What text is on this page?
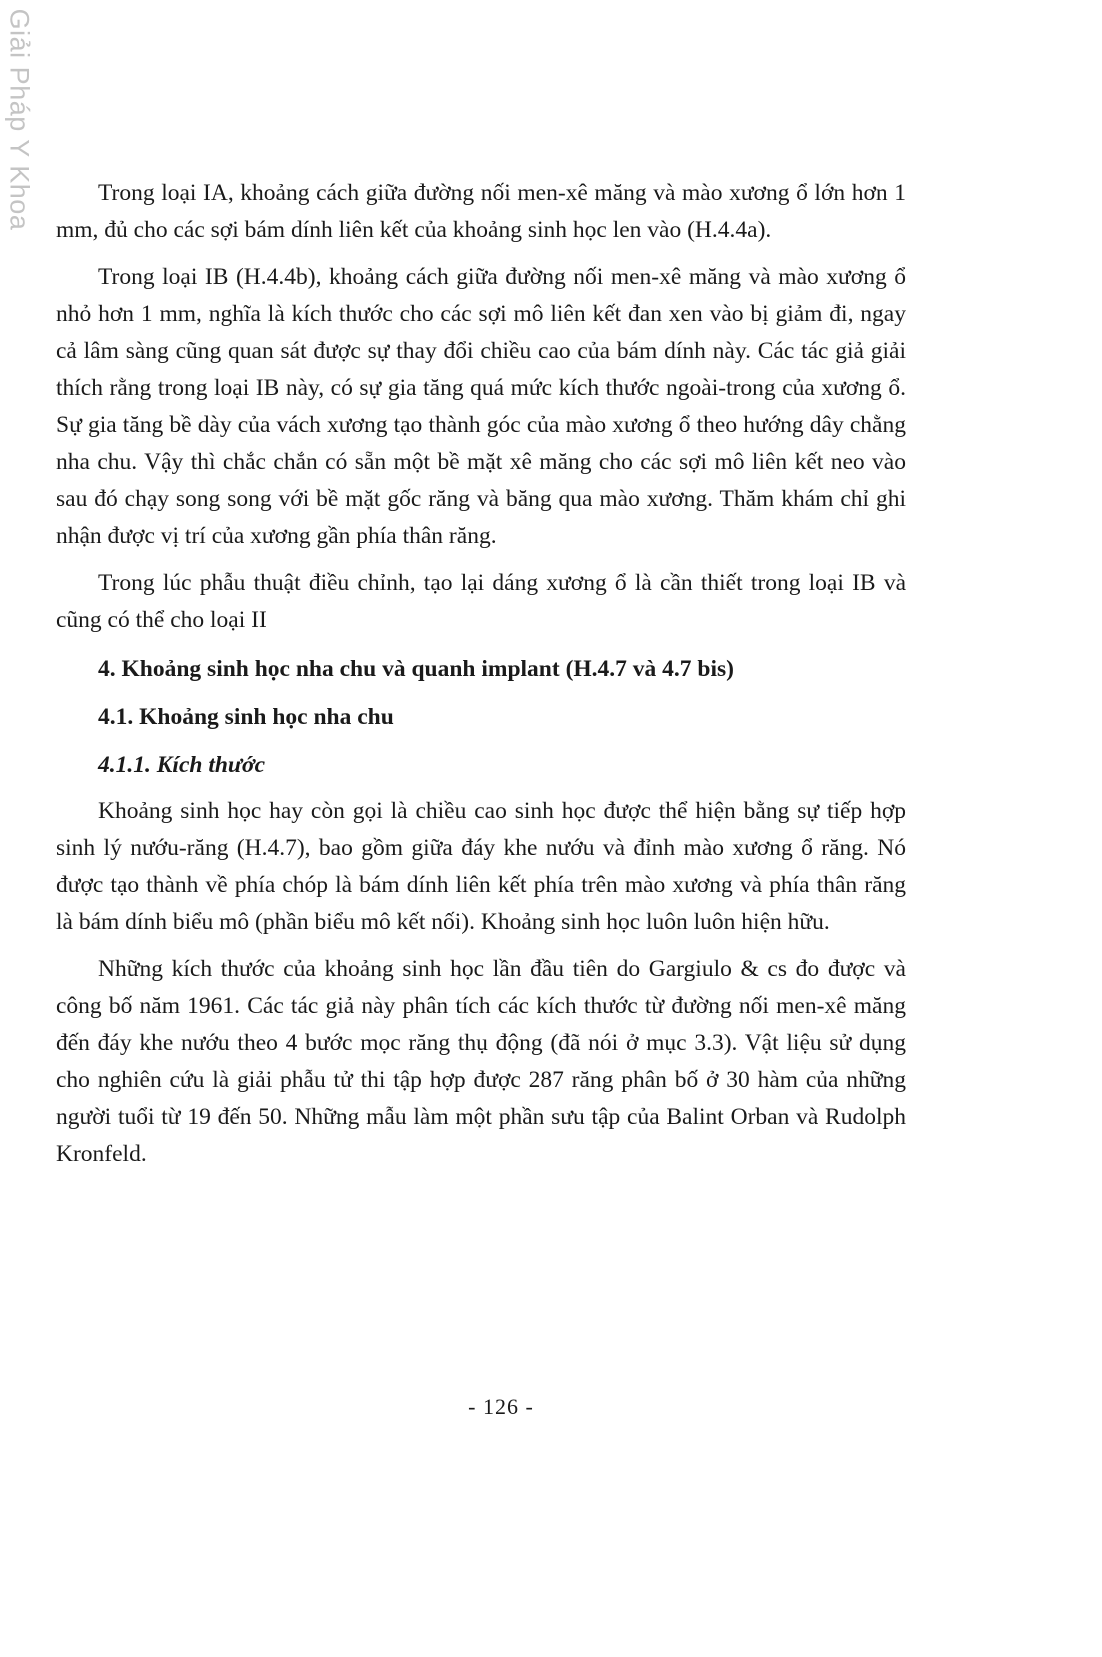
Giải Pháp Y Khoa	Trong loại IA, khoảng cách giữa đường nối men-xê măng và mào xương ổ lớn hơn 1 mm, đủ cho các sợi bám dính liên kết của khoảng sinh học len vào (H.4.4a).

Trong loại IB (H.4.4b), khoảng cách giữa đường nối men-xê măng và mào xương ổ nhỏ hơn 1 mm, nghĩa là kích thước cho các sợi mô liên kết đan xen vào bị giảm đi, ngay cả lâm sàng cũng quan sát được sự thay đổi chiều cao của bám dính này. Các tác giả giải thích rằng trong loại IB này, có sự gia tăng quá mức kích thước ngoài-trong của xương ổ. Sự gia tăng bề dày của vách xương tạo thành góc của mào xương ổ theo hướng dây chằng nha chu. Vậy thì chắc chắn có sẵn một bề mặt xê măng cho các sợi mô liên kết neo vào sau đó chạy song song với bề mặt gốc răng và băng qua mào xương. Thăm khám chỉ ghi nhận được vị trí của xương gần phía thân răng.

Trong lúc phẫu thuật điều chỉnh, tạo lại dáng xương ổ là cần thiết trong loại IB và cũng có thể cho loại II

4. Khoảng sinh học nha chu và quanh implant (H.4.7 và 4.7 bis)
4.1. Khoảng sinh học nha chu
4.1.1. Kích thước

Khoảng sinh học hay còn gọi là chiều cao sinh học được thể hiện bằng sự tiếp hợp sinh lý nướu-răng (H.4.7), bao gồm giữa đáy khe nướu và đỉnh mào xương ổ răng. Nó được tạo thành về phía chóp là bám dính liên kết phía trên mào xương và phía thân răng là bám dính biểu mô (phần biểu mô kết nối). Khoảng sinh học luôn luôn hiện hữu.

Những kích thước của khoảng sinh học lần đầu tiên do Gargiulo & cs đo được và công bố năm 1961. Các tác giả này phân tích các kích thước từ đường nối men-xê măng đến đáy khe nướu theo 4 bước mọc răng thụ động (đã nói ở mục 3.3). Vật liệu sử dụng cho nghiên cứu là giải phẫu tử thi tập hợp được 287 răng phân bố ở 30 hàm của những người tuổi từ 19 đến 50. Những mẫu làm một phần sưu tập của Balint Orban và Rudolph Kronfeld.

- 126 -
